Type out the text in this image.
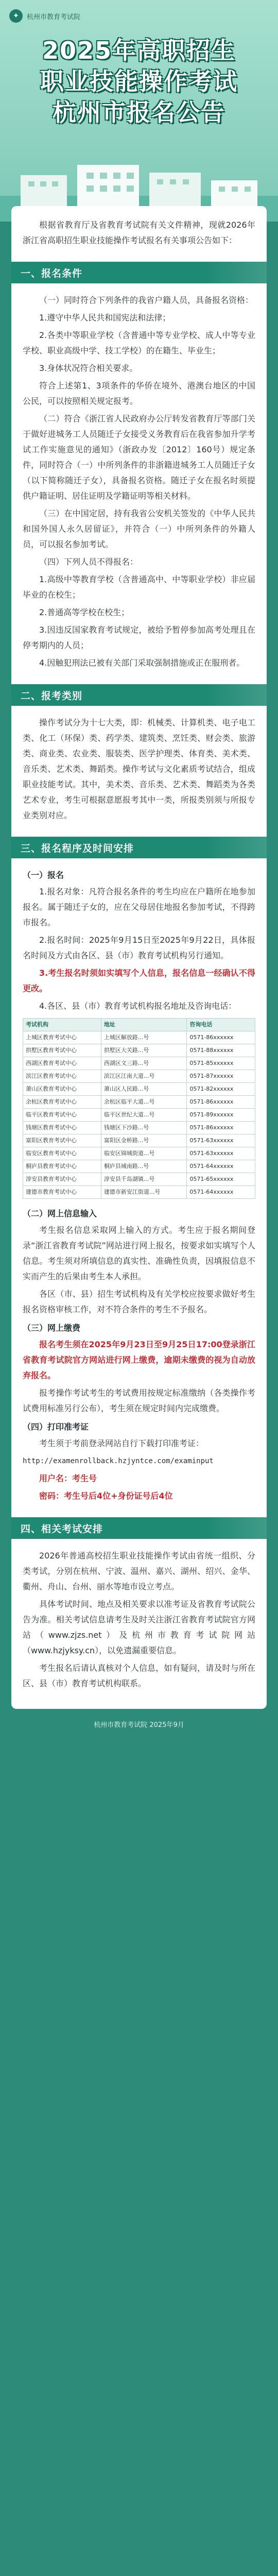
✦	杭州市教育考试院
2025年高职招生
职业技能操作考试
杭州市报名公告

根据省教育厅及省教育考试院有关文件精神，现就2026年浙江省高职招生职业技能操作考试报名有关事项公告如下：

一、报名条件

（一）同时符合下列条件的我省户籍人员，具备报名资格：

1.遵守中华人民共和国宪法和法律；

2.各类中等职业学校（含普通中等专业学校、成人中等专业学校、职业高级中学、技工学校）的在籍生、毕业生；

3.身体状况符合相关要求。

符合上述第1、3项条件的华侨在境外、港澳台地区的中国公民，可以按照相关规定报考。

（二）符合《浙江省人民政府办公厅转发省教育厅等部门关于做好进城务工人员随迁子女接受义务教育后在我省参加升学考试工作实施意见的通知》（浙政办发〔2012〕160号）规定条件，同时符合（一）中所列条件的非浙籍进城务工人员随迁子女（以下简称随迁子女），具备报名资格。随迁子女在报名时须提供户籍证明、居住证明及学籍证明等相关材料。

（三）在中国定居，持有我省公安机关签发的《中华人民共和国外国人永久居留证》，并符合（一）中所列条件的外籍人员，可以报名参加考试。

（四）下列人员不得报名：

1.高级中等教育学校（含普通高中、中等职业学校）非应届毕业的在校生；

2.普通高等学校在校生；

3.因违反国家教育考试规定，被给予暂停参加高考处理且在停考期内的人员；

4.因触犯刑法已被有关部门采取强制措施或正在服刑者。

二、报考类别

操作考试分为十七大类，即：机械类、计算机类、电子电工类、化工（环保）类、药学类、建筑类、烹饪类、财会类、旅游类、商业类、农业类、服装类、医学护理类、体育类、美术类、音乐类、艺术类、舞蹈类。操作考试与文化素质考试结合，组成职业技能考试。其中，美术类、音乐类、艺术类、舞蹈类为各类艺术专业，考生可根据意愿报考其中一类，所报类别须与所报专业类别对应。

三、报名程序及时间安排

（一）报名

1.报名对象：凡符合报名条件的考生均应在户籍所在地参加报名。属于随迁子女的，应在父母居住地报名参加考试，不得跨市报名。

2.报名时间：2025年9月15日至2025年9月22日，具体报名时间及方式由各区、县（市）教育考试机构另行通知。

3.考生报名时须如实填写个人信息，报名信息一经确认不得更改。

4.各区、县（市）教育考试机构报名地址及咨询电话：

考试机构	地址	咨询电话
上城区教育考试中心	上城区解放路...号	0571-86xxxxxx
拱墅区教育考试中心	拱墅区大关路...号	0571-88xxxxxx
西湖区教育考试中心	西湖区文三路...号	0571-85xxxxxx
滨江区教育考试中心	滨江区江南大道...号	0571-87xxxxxx
萧山区教育考试中心	萧山区人民路...号	0571-82xxxxxx
余杭区教育考试中心	余杭区临平大道...号	0571-86xxxxxx
临平区教育考试中心	临平区世纪大道...号	0571-89xxxxxx
钱塘区教育考试中心	钱塘区下沙路...号	0571-86xxxxxx
富阳区教育考试中心	富阳区金桥路...号	0571-63xxxxxx
临安区教育考试中心	临安区锦城街道...号	0571-63xxxxxx
桐庐县教育考试中心	桐庐县城南路...号	0571-64xxxxxx
淳安县教育考试中心	淳安县千岛湖镇...号	0571-65xxxxxx
建德市教育考试中心	建德市新安江街道...号	0571-64xxxxxx

（二）网上信息输入

考生报名信息采取网上输入的方式。考生应于报名期间登录“浙江省教育考试院”网站进行网上报名，按要求如实填写个人信息。考生须对所填信息的真实性、准确性负责，因填报信息不实而产生的后果由考生本人承担。

各区（市、县）招生考试机构及有关学校应按要求做好考生报名资格审核工作，对不符合条件的考生不予报名。

（三）网上缴费

报名考生须在2025年9月23日至9月25日17:00登录浙江省教育考试院官方网站进行网上缴费，逾期未缴费的视为自动放弃报名。

报考操作考试考生的考试费用按规定标准缴纳（各类操作考试费用标准另行公布），考生须在规定时间内完成缴费。

（四）打印准考证

考生须于考前登录网站自行下载打印准考证：

http://examenrollback.hzjyntce.com/examinput

用户名：考生号

密码：考生号后4位+身份证号后4位

四、相关考试安排

2026年普通高校招生职业技能操作考试由省统一组织、分类考试，分别在杭州、宁波、温州、嘉兴、湖州、绍兴、金华、衢州、舟山、台州、丽水等地市设立考点。

具体考试时间、地点及相关要求以准考证及省教育考试院公告为准。相关考试信息请考生及时关注浙江省教育考试院官方网站（www.zjzs.net）及杭州市教育考试院网站（www.hzjyksy.cn），以免遗漏重要信息。

考生报名后请认真核对个人信息，如有疑问，请及时与所在区、县（市）教育考试机构联系。

杭州市教育考试院 2025年9月
